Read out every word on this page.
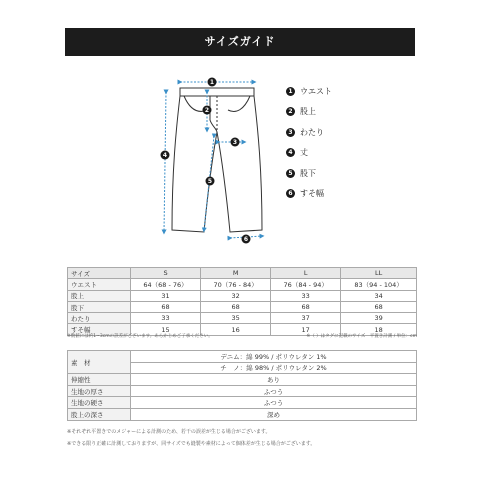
サイズガイド
1
2
3
4
5
6
1 ウエスト
2 股上
3 わたり
4 丈
5 股下
6 すそ幅
サイズ	S	M	L	LL
ウエスト	64（68 - 76）	70（76 - 84）	76（84 - 94）	83（94 - 104）
股上	31	32	33	34
股下	68	68	68	68
わたり	33	35	37	39
すそ幅	15	16	17	18
※数値には約1~3cmの誤差がございます。あらかじめご了承ください。	※（ ）はタグに記載のサイズ　平置き計測 / 単位：cm
素　材	デニム：綿 99% / ポリウレタン 1%
	チ　ノ：綿 98% / ポリウレタン 2%
伸縮性	あり
生地の厚さ	ふつう
生地の硬さ	ふつう
股上の深さ	深め
※それぞれ平置きでのメジャーによる計測のため、若干の誤差が生じる場合がございます。
※できる限り正確に計測しておりますが、同サイズでも縫製や素材によって個体差が生じる場合がございます。
